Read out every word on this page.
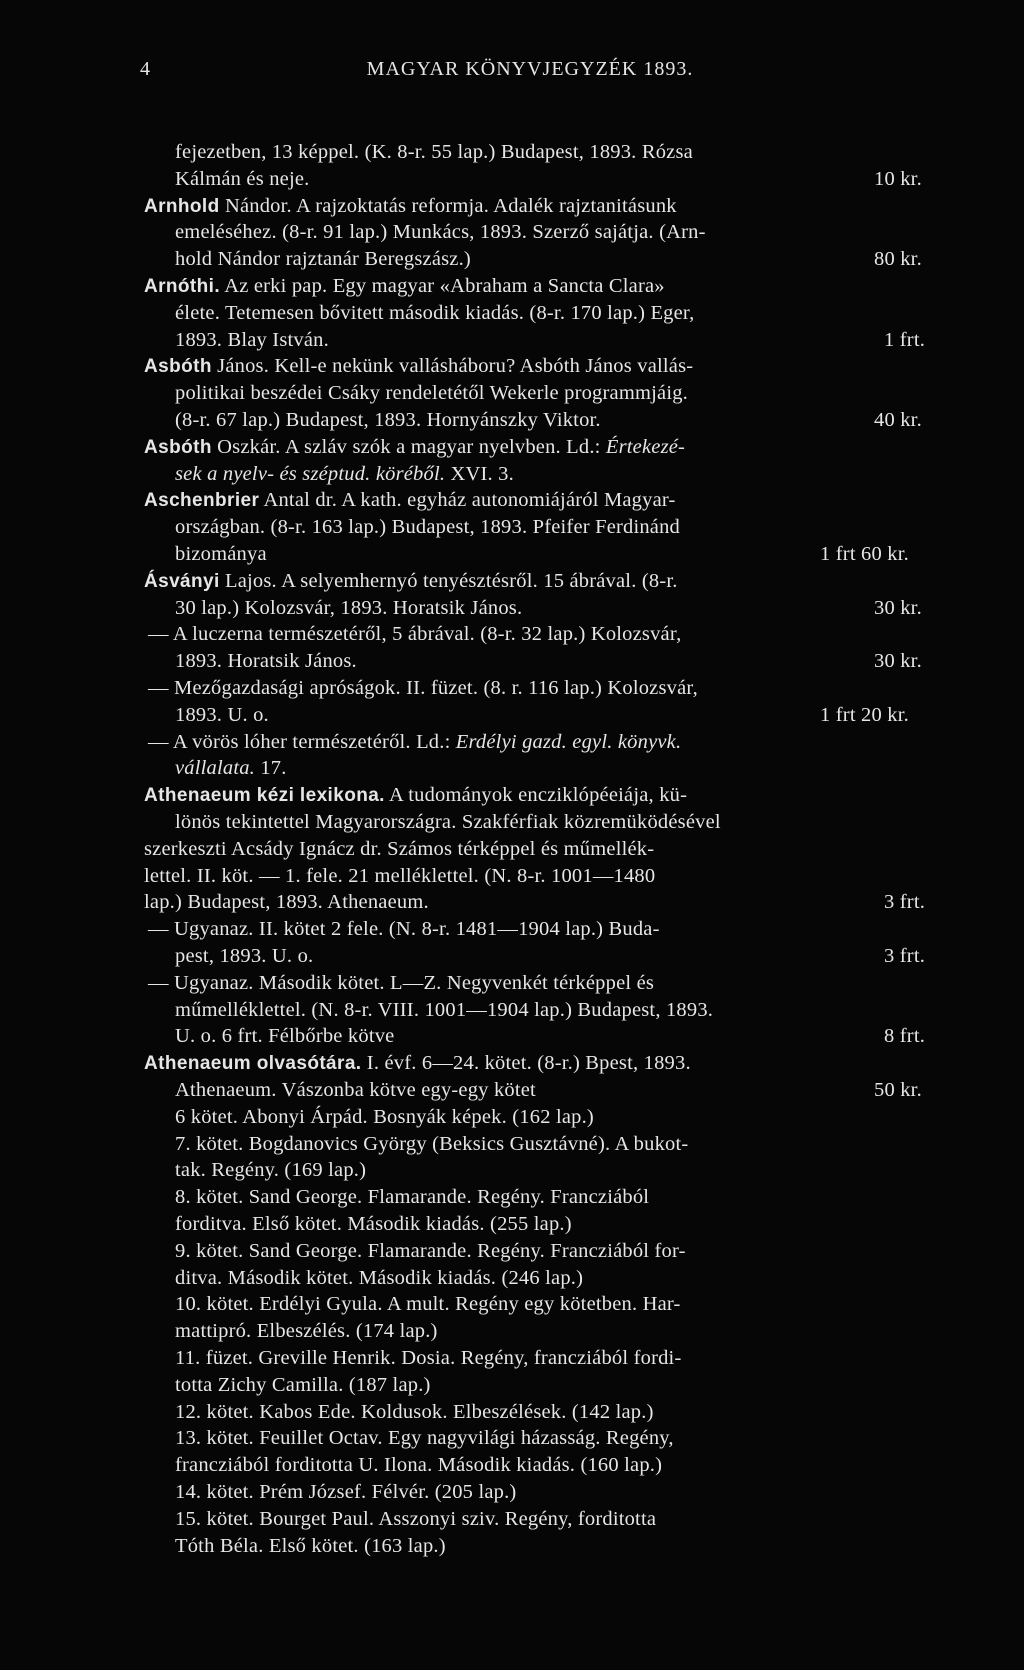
4	MAGYAR KÖNYVJEGYZÉK 1893.
fejezetben, 13 képpel. (K. 8-r. 55 lap.) Budapest, 1893. Rózsa
Kálmán és neje.	10 kr.
Arnhold Nándor. A rajzoktatás reformja. Adalék rajztanitásunk
emeléséhez. (8-r. 91 lap.) Munkács, 1893. Szerző sajátja. (Arn-
hold Nándor rajztanár Beregszász.)	80 kr.
Arnóthi. Az erki pap. Egy magyar «Abraham a Sancta Clara»
élete. Tetemesen bővitett második kiadás. (8-r. 170 lap.) Eger,
1893. Blay István.	1 frt.
Asbóth János. Kell-e nekünk vallásháboru? Asbóth János vallás-
politikai beszédei Csáky rendeletétől Wekerle programmjáig.
(8-r. 67 lap.) Budapest, 1893. Hornyánszky Viktor.	40 kr.
Asbóth Oszkár. A szláv szók a magyar nyelvben. Ld.: Értekezé-
sek a nyelv- és széptud. köréből. XVI. 3.
Aschenbrier Antal dr. A kath. egyház autonomiájáról Magyar-
országban. (8-r. 163 lap.) Budapest, 1893. Pfeifer Ferdinánd
bizománya	1 frt 60 kr.
Ásványi Lajos. A selyemhernyó tenyésztésről. 15 ábrával. (8-r.
30 lap.) Kolozsvár, 1893. Horatsik János.	30 kr.
— A luczerna természetéről, 5 ábrával. (8-r. 32 lap.) Kolozsvár,
1893. Horatsik János.	30 kr.
— Mezőgazdasági apróságok. II. füzet. (8. r. 116 lap.) Kolozsvár,
1893. U. o.	1 frt 20 kr.
— A vörös lóher természetéről. Ld.: Erdélyi gazd. egyl. könyvk.
vállalata. 17.
Athenaeum kézi lexikona. A tudományok encziklópéeiája, kü-
lönös tekintettel Magyarországra. Szakférfiak közremüködésével
szerkeszti Acsády Ignácz dr. Számos térképpel és műmellék-
lettel. II. köt. — 1. fele. 21 melléklettel. (N. 8-r. 1001—1480
lap.) Budapest, 1893. Athenaeum.	3 frt.
— Ugyanaz. II. kötet 2 fele. (N. 8-r. 1481—1904 lap.) Buda-
pest, 1893. U. o.	3 frt.
— Ugyanaz. Második kötet. L—Z. Negyvenkét térképpel és
műmelléklettel. (N. 8-r. VIII. 1001—1904 lap.) Budapest, 1893.
U. o. 6 frt. Félbőrbe kötve	8 frt.
Athenaeum olvasótára. I. évf. 6—24. kötet. (8-r.) Bpest, 1893.
Athenaeum. Vászonba kötve egy-egy kötet	50 kr.
6 kötet. Abonyi Árpád. Bosnyák képek. (162 lap.)
7. kötet. Bogdanovics György (Beksics Gusztávné). A bukot-
tak. Regény. (169 lap.)
8. kötet. Sand George. Flamarande. Regény. Francziából
forditva. Első kötet. Második kiadás. (255 lap.)
9. kötet. Sand George. Flamarande. Regény. Francziából for-
ditva. Második kötet. Második kiadás. (246 lap.)
10. kötet. Erdélyi Gyula. A mult. Regény egy kötetben. Har-
mattipró. Elbeszélés. (174 lap.)
11. füzet. Greville Henrik. Dosia. Regény, francziából fordi-
totta Zichy Camilla. (187 lap.)
12. kötet. Kabos Ede. Koldusok. Elbeszélések. (142 lap.)
13. kötet. Feuillet Octav. Egy nagyvilági házasság. Regény,
francziából forditotta U. Ilona. Második kiadás. (160 lap.)
14. kötet. Prém József. Félvér. (205 lap.)
15. kötet. Bourget Paul. Asszonyi sziv. Regény, forditotta
Tóth Béla. Első kötet. (163 lap.)
